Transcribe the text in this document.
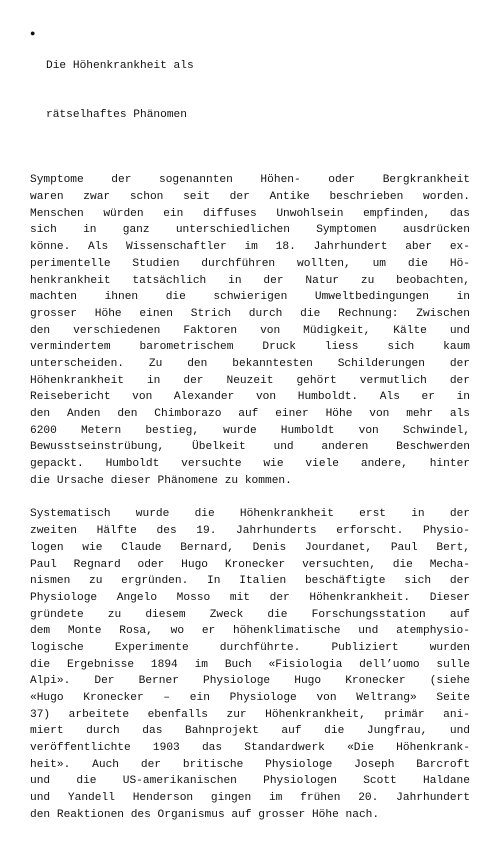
●

Die Höhenkrankheit als

rätselhaftes Phänomen

Symptome der sogenannten Höhen- oder Bergkrankheit
waren zwar schon seit der Antike beschrieben worden.
Menschen würden ein diffuses Unwohlsein empfinden, das
sich in ganz unterschiedlichen Symptomen ausdrücken
könne. Als Wissenschaftler im 18. Jahrhundert aber ex-
perimentelle Studien durchführen wollten, um die Hö-
henkrankheit tatsächlich in der Natur zu beobachten,
machten ihnen die schwierigen Umweltbedingungen in
grosser Höhe einen Strich durch die Rechnung: Zwischen
den verschiedenen Faktoren von Müdigkeit, Kälte und
vermindertem barometrischem Druck liess sich kaum
unterscheiden. Zu den bekanntesten Schilderungen der
Höhenkrankheit in der Neuzeit gehört vermutlich der
Reisebericht von Alexander von Humboldt. Als er in
den Anden den Chimborazo auf einer Höhe von mehr als
6200 Metern bestieg, wurde Humboldt von Schwindel,
Bewusstseinstrübung, Übelkeit und anderen Beschwerden
gepackt. Humboldt versuchte wie viele andere, hinter
die Ursache dieser Phänomene zu kommen.
Systematisch wurde die Höhenkrankheit erst in der
zweiten Hälfte des 19. Jahrhunderts erforscht. Physio-
logen wie Claude Bernard, Denis Jourdanet, Paul Bert,
Paul Regnard oder Hugo Kronecker versuchten, die Mecha-
nismen zu ergründen. In Italien beschäftigte sich der
Physiologe Angelo Mosso mit der Höhenkrankheit. Dieser
gründete zu diesem Zweck die Forschungsstation auf
dem Monte Rosa, wo er höhenklimatische und atemphysio-
logische Experimente durchführte. Publiziert wurden
die Ergebnisse 1894 im Buch «Fisiologia dell’uomo sulle
Alpi». Der Berner Physiologe Hugo Kronecker (siehe
«Hugo Kronecker – ein Physiologe von Weltrang» Seite
37) arbeitete ebenfalls zur Höhenkrankheit, primär ani-
miert durch das Bahnprojekt auf die Jungfrau, und
veröffentlichte 1903 das Standardwerk «Die Höhenkrank-
heit». Auch der britische Physiologe Joseph Barcroft
und die US-amerikanischen Physiologen Scott Haldane
und Yandell Henderson gingen im frühen 20. Jahrhundert
den Reaktionen des Organismus auf grosser Höhe nach.
